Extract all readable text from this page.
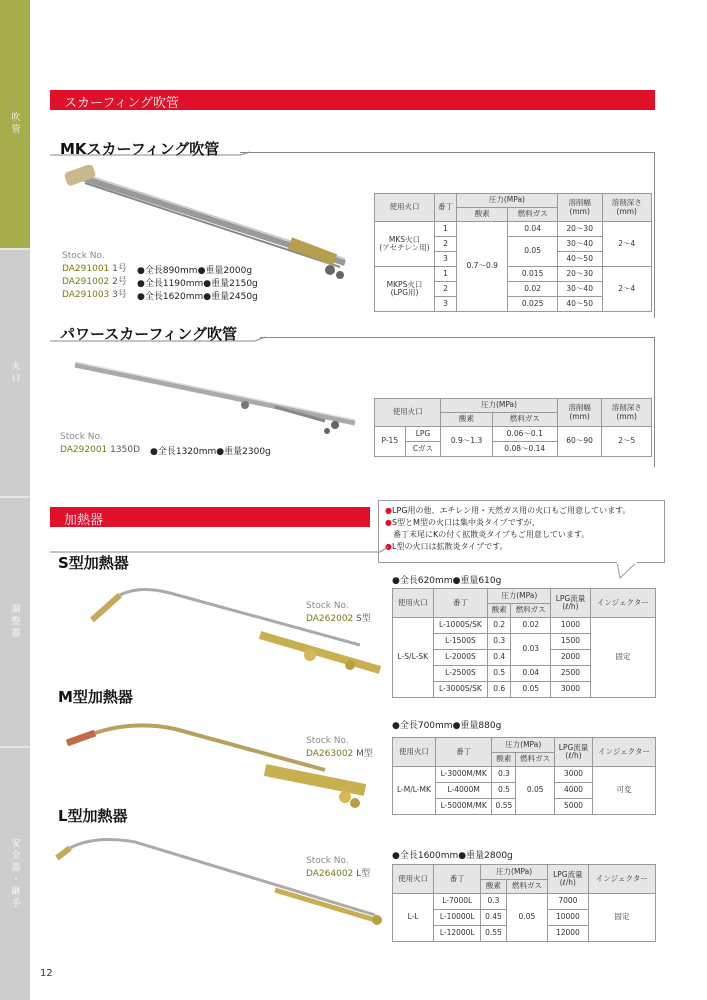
吹管
火口
調整器
安全器・継手
12
スカーフィング吹管
MKスカーフィング吹管
Stock No.
DA291001 1号
DA291002 2号
DA291003 3号
●全長890mm●重量2000g
●全長1190mm●重量2150g
●全長1620mm●重量2450g
使用火口	番丁	圧力(MPa)		溶削幅
(mm)	溶削深さ
(mm)
		酸素	燃料ガス		
MKS火口
(アセチレン用)	1	0.7〜0.9	0.04	20〜30	2〜4
	2		0.05	30〜40	
	3			40〜50	
MKPS火口
(LPG用)	1		0.015	20〜30	2〜4
	2		0.02	30〜40	
	3		0.025	40〜50	
パワースカーフィング吹管
Stock No.
DA292001 1350D ●全長1320mm●重量2300g
使用火口		圧力(MPa)		溶削幅
(mm)	溶削深さ
(mm)
		酸素	燃料ガス		
P-15	LPG	0.9〜1.3	0.06〜0.1	60〜90	2〜5
	Cガス		0.08〜0.14		
加熱器
●LPG用の他、エチレン用・天然ガス用の火口もご用意しています。
●S型とM型の火口は集中炎タイプですが、
　番丁末尾にKの付く拡散炎タイプもご用意しています。
●L型の火口は拡散炎タイプです。
S型加熱器
Stock No.
DA262002 S型
●全長620mm●重量610g
使用火口	番丁	圧力(MPa)		LPG流量
(ℓ/h)	インジェクター
		酸素	燃料ガス		
L-S/L-SK	L-1000S/SK	0.2	0.02	1000	固定
	L-1500S	0.3	0.03	1500	
	L-2000S	0.4		2000	
	L-2500S	0.5	0.04	2500	
	L-3000S/SK	0.6	0.05	3000	
M型加熱器
Stock No.
DA263002 M型
●全長700mm●重量880g
使用火口	番丁	圧力(MPa)		LPG流量
(ℓ/h)	インジェクター
		酸素	燃料ガス		
L-M/L-MK	L-3000M/MK	0.3	0.05	3000	可変
	L-4000M	0.5		4000	
	L-5000M/MK	0.55		5000	
L型加熱器
Stock No.
DA264002 L型
●全長1600mm●重量2800g
使用火口	番丁	圧力(MPa)		LPG流量
(ℓ/h)	インジェクター
		酸素	燃料ガス		
L-L	L-7000L	0.3	0.05	7000	固定
	L-10000L	0.45		10000	
	L-12000L	0.55		12000	
